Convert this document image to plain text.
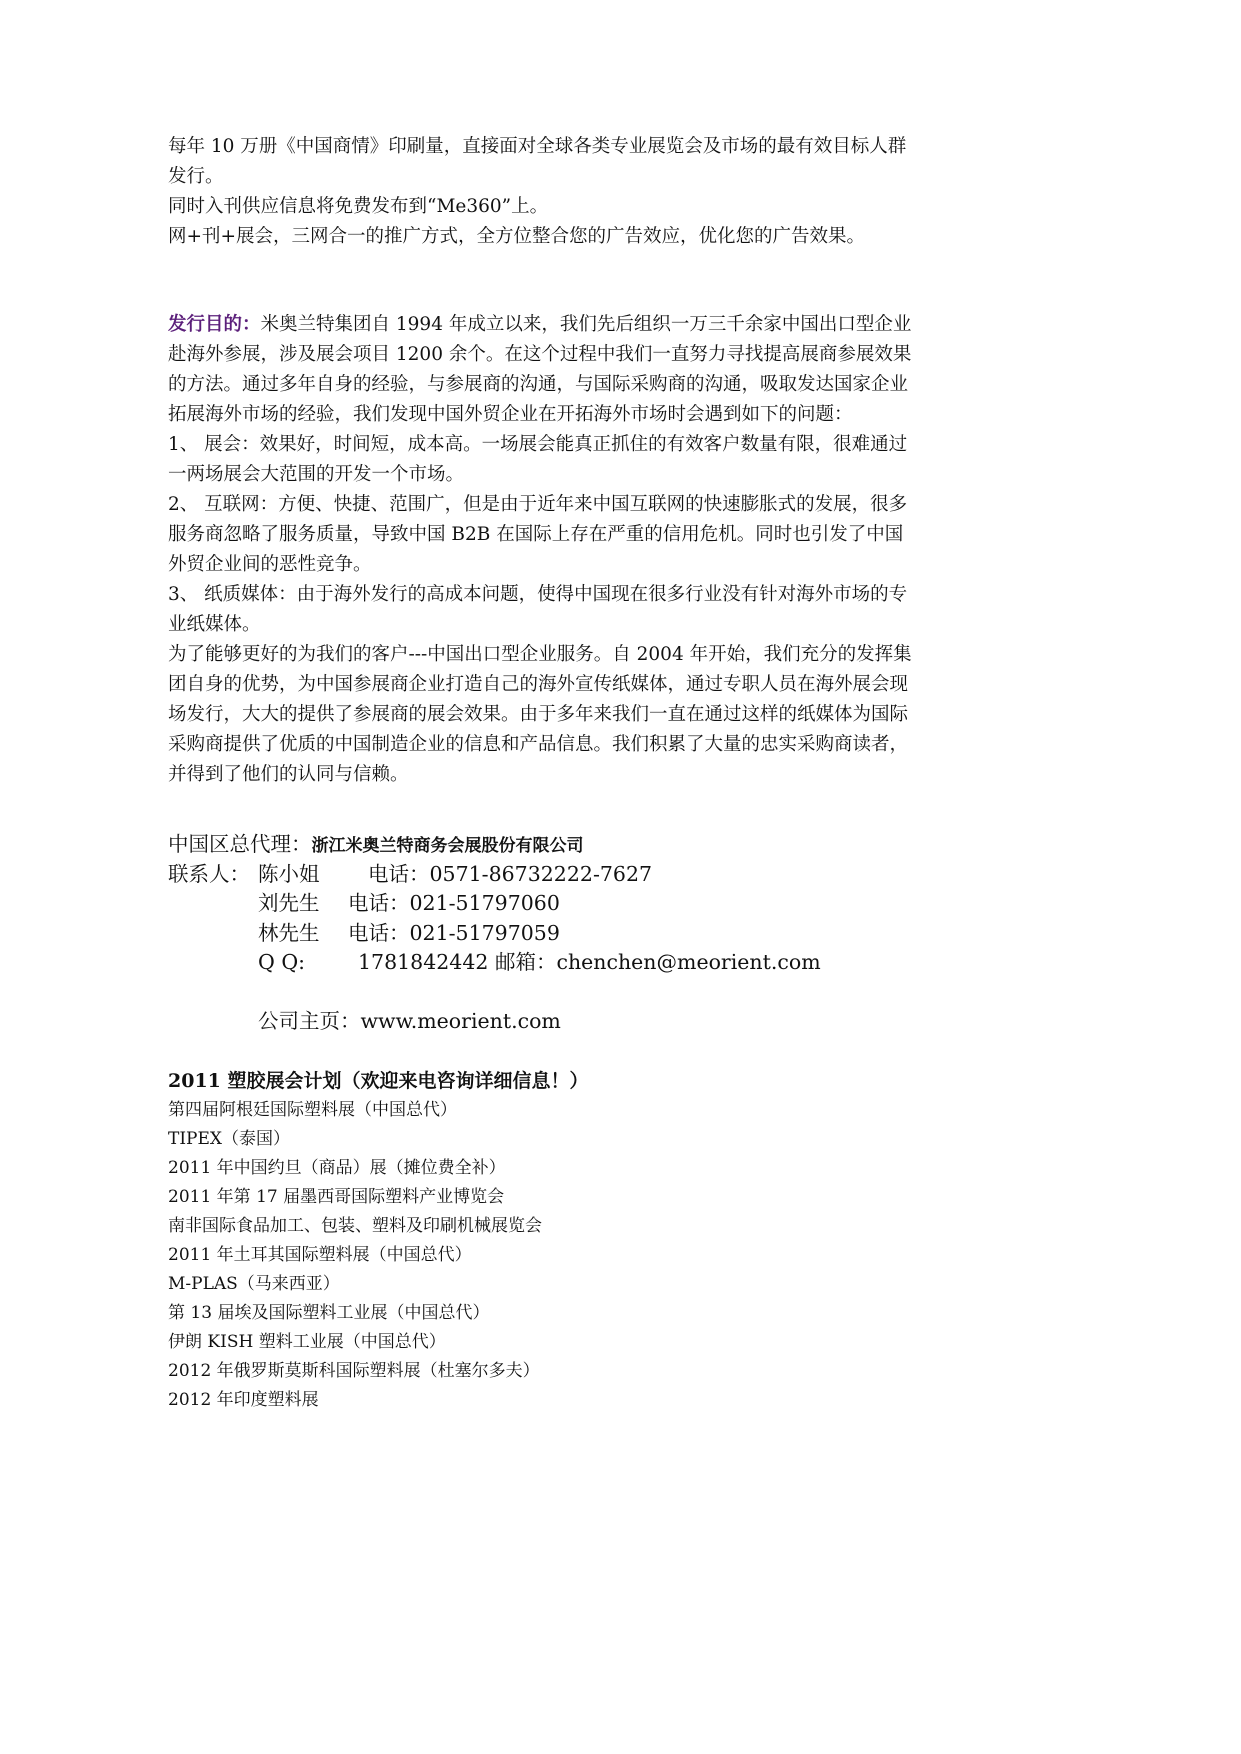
每年 10 万册《中国商情》印刷量，直接面对全球各类专业展览会及市场的最有效目标人群
发行。
同时入刊供应信息将免费发布到“Me360”上。
网+刊+展会，三网合一的推广方式，全方位整合您的广告效应，优化您的广告效果。
发行目的：米奥兰特集团自 1994 年成立以来，我们先后组织一万三千余家中国出口型企业
赴海外参展，涉及展会项目 1200 余个。在这个过程中我们一直努力寻找提高展商参展效果
的方法。通过多年自身的经验，与参展商的沟通，与国际采购商的沟通，吸取发达国家企业
拓展海外市场的经验，我们发现中国外贸企业在开拓海外市场时会遇到如下的问题：
1、 展会：效果好，时间短，成本高。一场展会能真正抓住的有效客户数量有限，很难通过
一两场展会大范围的开发一个市场。
2、 互联网：方便、快捷、范围广，但是由于近年来中国互联网的快速膨胀式的发展，很多
服务商忽略了服务质量，导致中国 B2B 在国际上存在严重的信用危机。同时也引发了中国
外贸企业间的恶性竞争。
3、 纸质媒体：由于海外发行的高成本问题，使得中国现在很多行业没有针对海外市场的专
业纸媒体。
为了能够更好的为我们的客户---中国出口型企业服务。自 2004 年开始，我们充分的发挥集
团自身的优势，为中国参展商企业打造自己的海外宣传纸媒体，通过专职人员在海外展会现
场发行，大大的提供了参展商的展会效果。由于多年来我们一直在通过这样的纸媒体为国际
采购商提供了优质的中国制造企业的信息和产品信息。我们积累了大量的忠实采购商读者，
并得到了他们的认同与信赖。
中国区总代理：浙江米奥兰特商务会展股份有限公司
联系人： 陈小姐 电话：0571-86732222-7627
刘先生 电话：021-51797060
林先生 电话：021-51797059
Q Q:	1781842442 邮箱：chenchen@meorient.com
公司主页：www.meorient.com
2011 塑胶展会计划（欢迎来电咨询详细信息！）
第四届阿根廷国际塑料展（中国总代）
TIPEX（泰国）
2011 年中国约旦（商品）展（摊位费全补）
2011 年第 17 届墨西哥国际塑料产业博览会
南非国际食品加工、包装、塑料及印刷机械展览会
2011 年土耳其国际塑料展（中国总代）
M-PLAS（马来西亚）
第 13 届埃及国际塑料工业展（中国总代）
伊朗 KISH 塑料工业展（中国总代）
2012 年俄罗斯莫斯科国际塑料展（杜塞尔多夫）
2012 年印度塑料展
